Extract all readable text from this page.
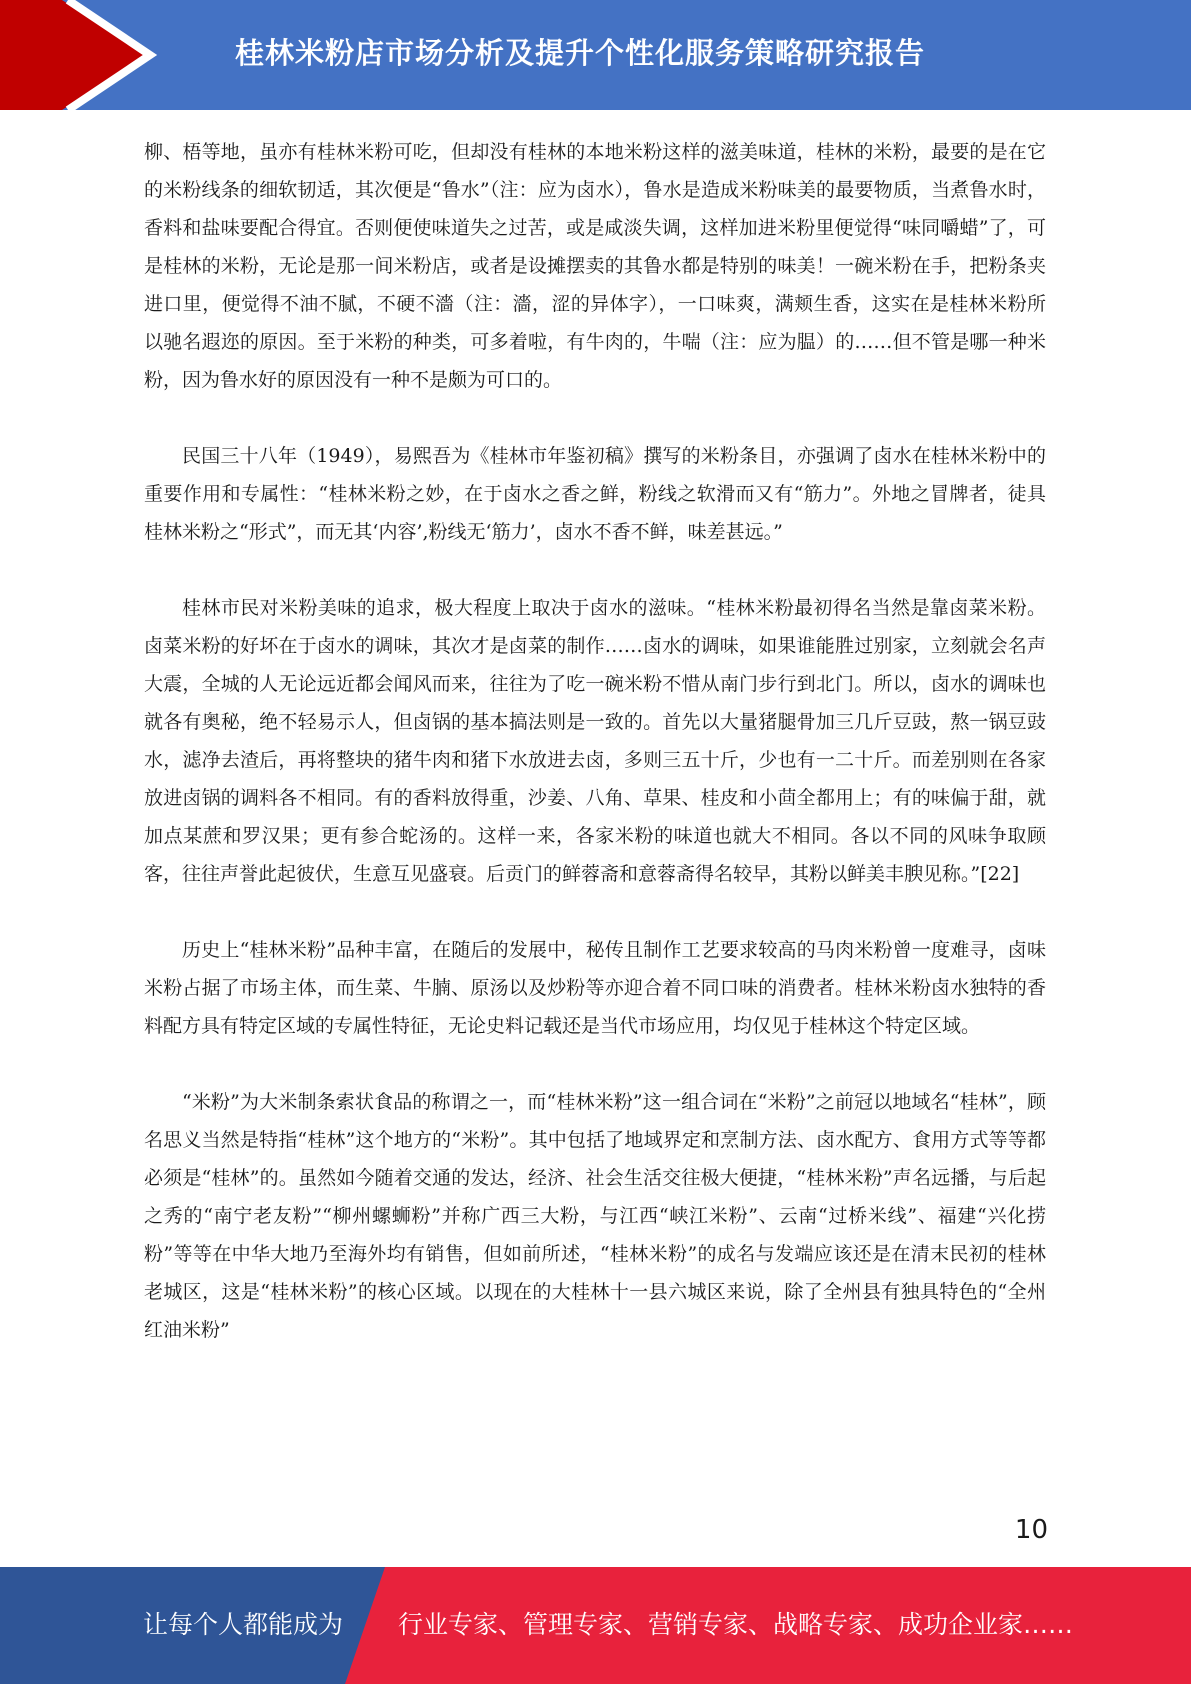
桂林米粉店市场分析及提升个性化服务策略研究报告

柳、梧等地，虽亦有桂林米粉可吃，但却没有桂林的本地米粉这样的滋美味道，桂林的米粉，最要的是在它的米粉线条的细软韧适，其次便是“鲁水”（注：应为卤水），鲁水是造成米粉味美的最要物质，当煮鲁水时，香料和盐味要配合得宜。否则便使味道失之过苦，或是咸淡失调，这样加进米粉里便觉得“味同嚼蜡”了，可是桂林的米粉，无论是那一间米粉店，或者是设摊摆卖的其鲁水都是特别的味美！一碗米粉在手，把粉条夹进口里，便觉得不油不腻，不硬不濇（注：濇，涩的异体字），一口味爽，满颊生香，这实在是桂林米粉所以驰名遐迩的原因。至于米粉的种类，可多着啦，有牛肉的，牛喘（注：应为腽）的……但不管是哪一种米粉，因为鲁水好的原因没有一种不是颇为可口的。

民国三十八年（1949），易熙吾为《桂林市年鉴初稿》撰写的米粉条目，亦强调了卤水在桂林米粉中的重要作用和专属性：“桂林米粉之妙，在于卤水之香之鲜，粉线之软滑而又有“筋力”。外地之冒牌者，徒具桂林米粉之“形式”，而无其‘内容’,粉线无‘筋力’，卤水不香不鲜，味差甚远。”

桂林市民对米粉美味的追求，极大程度上取决于卤水的滋味。“桂林米粉最初得名当然是靠卤菜米粉。卤菜米粉的好坏在于卤水的调味，其次才是卤菜的制作……卤水的调味，如果谁能胜过别家，立刻就会名声大震，全城的人无论远近都会闻风而来，往往为了吃一碗米粉不惜从南门步行到北门。所以，卤水的调味也就各有奥秘，绝不轻易示人，但卤锅的基本搞法则是一致的。首先以大量猪腿骨加三几斤豆豉，熬一锅豆豉水，滤净去渣后，再将整块的猪牛肉和猪下水放进去卤，多则三五十斤，少也有一二十斤。而差别则在各家放进卤锅的调料各不相同。有的香料放得重，沙姜、八角、草果、桂皮和小茴全都用上；有的味偏于甜，就加点某蔗和罗汉果；更有参合蛇汤的。这样一来，各家米粉的味道也就大不相同。各以不同的风味争取顾客，往往声誉此起彼伏，生意互见盛衰。后贡门的鲜蓉斋和意蓉斋得名较早，其粉以鲜美丰腴见称。”[22]

历史上“桂林米粉”品种丰富，在随后的发展中，秘传且制作工艺要求较高的马肉米粉曾一度难寻，卤味米粉占据了市场主体，而生菜、牛腩、原汤以及炒粉等亦迎合着不同口味的消费者。桂林米粉卤水独特的香料配方具有特定区域的专属性特征，无论史料记载还是当代市场应用，均仅见于桂林这个特定区域。

“米粉”为大米制条索状食品的称谓之一，而“桂林米粉”这一组合词在“米粉”之前冠以地域名“桂林”，顾名思义当然是特指“桂林”这个地方的“米粉”。其中包括了地域界定和烹制方法、卤水配方、食用方式等等都必须是“桂林”的。虽然如今随着交通的发达，经济、社会生活交往极大便捷，“桂林米粉”声名远播，与后起之秀的“南宁老友粉”“柳州螺蛳粉”并称广西三大粉，与江西“峡江米粉”、云南“过桥米线”、福建“兴化捞粉”等等在中华大地乃至海外均有销售，但如前所述，“桂林米粉”的成名与发端应该还是在清末民初的桂林老城区，这是“桂林米粉”的核心区域。以现在的大桂林十一县六城区来说，除了全州县有独具特色的“全州红油米粉”

10
让每个人都能成为 行业专家、管理专家、营销专家、战略专家、成功企业家……
